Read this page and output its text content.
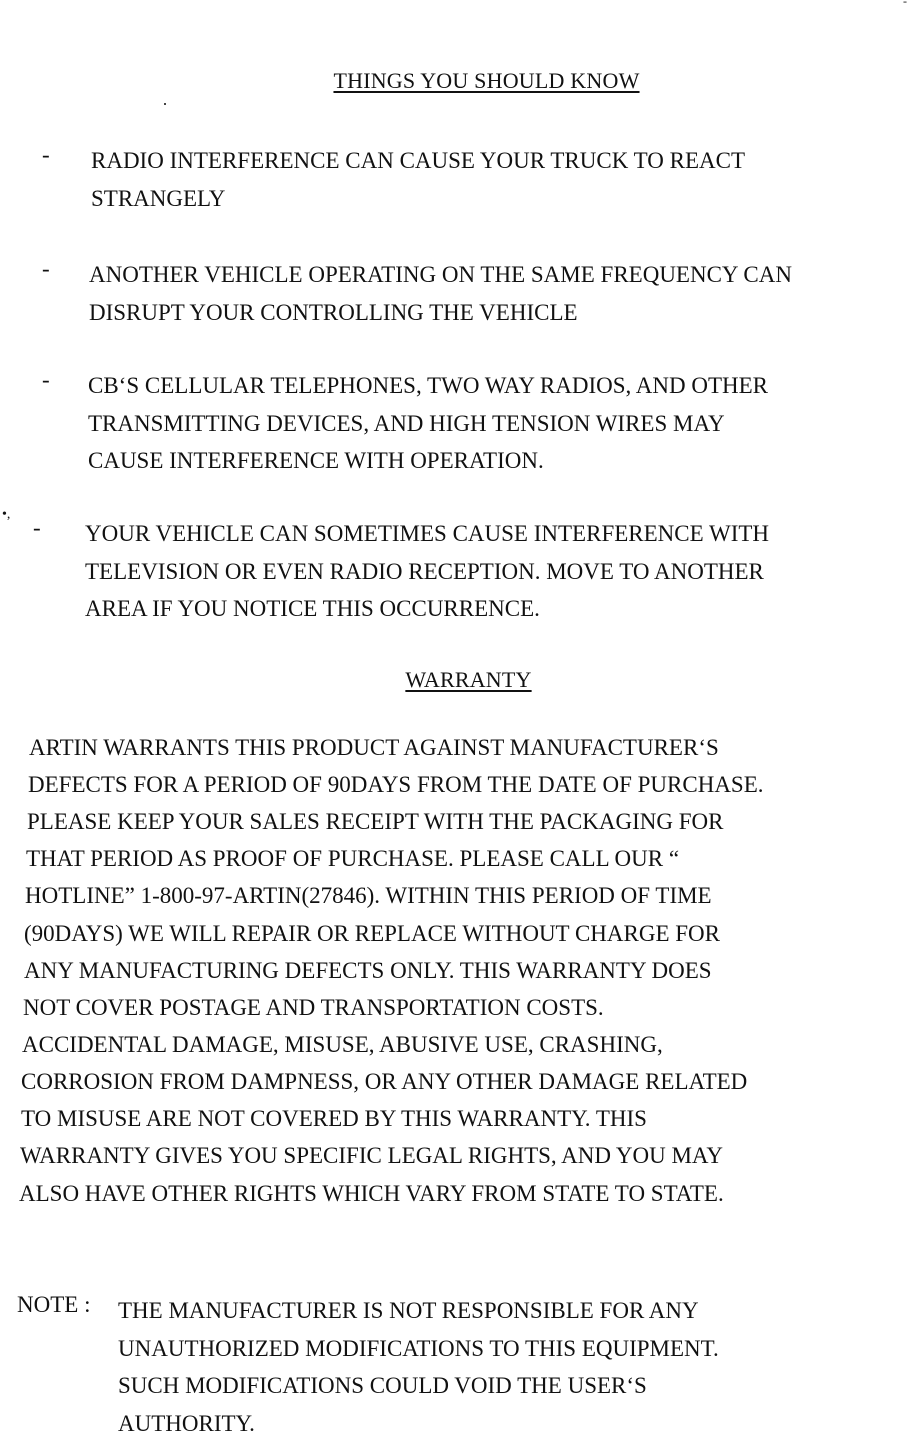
-
THINGS YOU SHOULD KNOW
-	RADIO INTERFERENCE CAN CAUSE YOUR TRUCK TO REACT
STRANGELY
-	ANOTHER VEHICLE OPERATING ON THE SAME FREQUENCY CAN
DISRUPT YOUR CONTROLLING THE VEHICLE
-	CB‘S CELLULAR TELEPHONES, TWO WAY RADIOS, AND OTHER
TRANSMITTING DEVICES, AND HIGH TENSION WIRES MAY
CAUSE INTERFERENCE WITH OPERATION.
•,
-	YOUR VEHICLE CAN SOMETIMES CAUSE INTERFERENCE WITH
TELEVISION OR EVEN RADIO RECEPTION. MOVE TO ANOTHER
AREA IF YOU NOTICE THIS OCCURRENCE.
WARRANTY
ARTIN WARRANTS THIS PRODUCT AGAINST MANUFACTURER‘S
DEFECTS FOR A PERIOD OF 90DAYS FROM THE DATE OF PURCHASE.
PLEASE KEEP YOUR SALES RECEIPT WITH THE PACKAGING FOR
THAT PERIOD AS PROOF OF PURCHASE. PLEASE CALL OUR “
HOTLINE” 1-800-97-ARTIN(27846). WITHIN THIS PERIOD OF TIME
(90DAYS) WE WILL REPAIR OR REPLACE WITHOUT CHARGE FOR
ANY MANUFACTURING DEFECTS ONLY. THIS WARRANTY DOES
NOT COVER POSTAGE AND TRANSPORTATION COSTS.
ACCIDENTAL DAMAGE, MISUSE, ABUSIVE USE, CRASHING,
CORROSION FROM DAMPNESS, OR ANY OTHER DAMAGE RELATED
TO MISUSE ARE NOT COVERED BY THIS WARRANTY. THIS
WARRANTY GIVES YOU SPECIFIC LEGAL RIGHTS, AND YOU MAY
ALSO HAVE OTHER RIGHTS WHICH VARY FROM STATE TO STATE.
NOTE : THE MANUFACTURER IS NOT RESPONSIBLE FOR ANY
UNAUTHORIZED MODIFICATIONS TO THIS EQUIPMENT.
SUCH MODIFICATIONS COULD VOID THE USER‘S
AUTHORITY.
